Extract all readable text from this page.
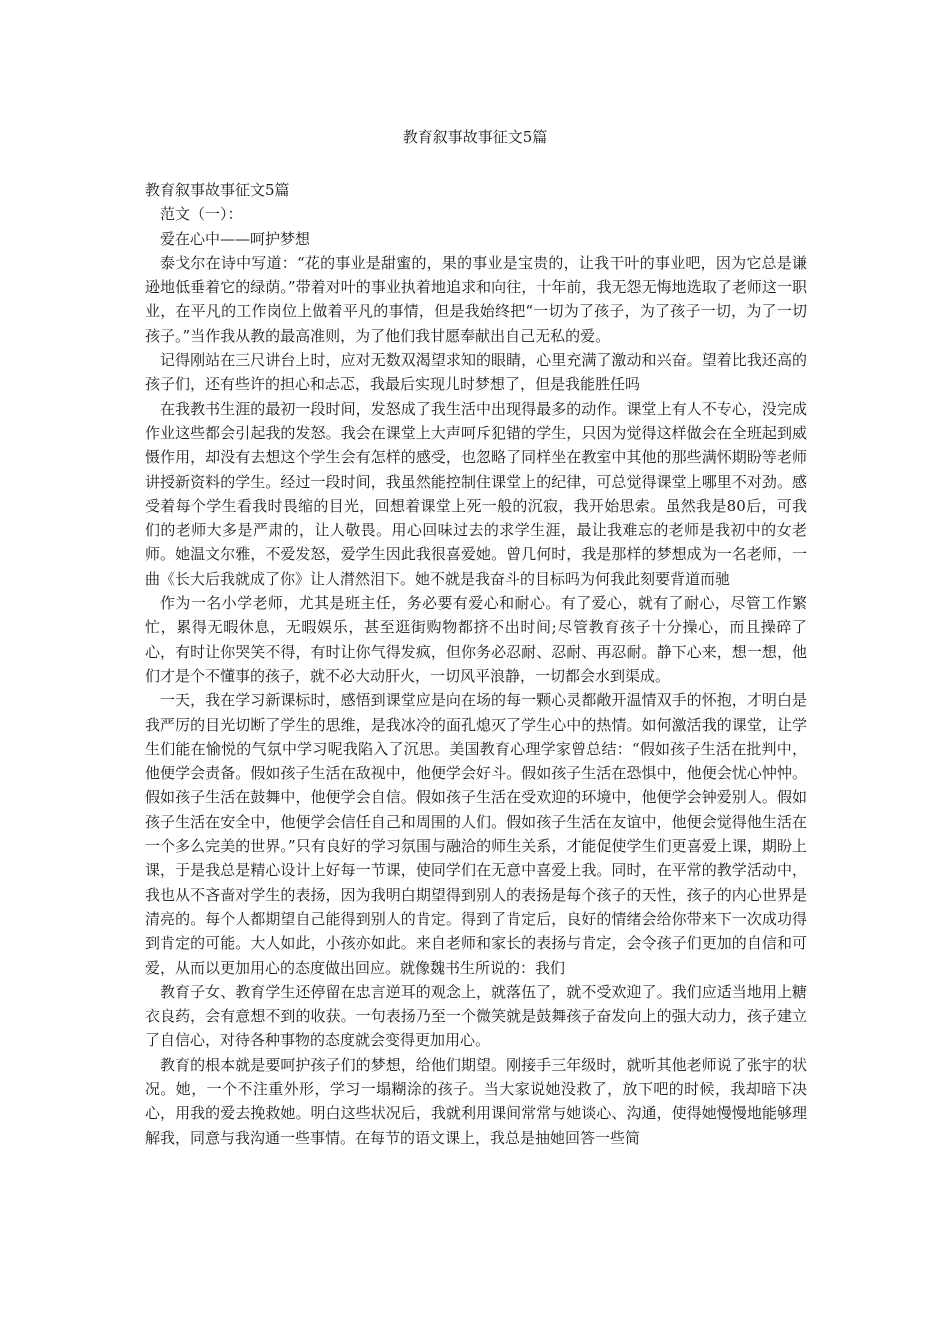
教育叙事故事征文5篇

教育叙事故事征文5篇

范文（一）：

爱在心中——呵护梦想

泰戈尔在诗中写道：“花的事业是甜蜜的，果的事业是宝贵的，让我干叶的事业吧，因为它总是谦逊地低垂着它的绿荫。”带着对叶的事业执着地追求和向往，十年前，我无怨无悔地选取了老师这一职业，在平凡的工作岗位上做着平凡的事情，但是我始终把“一切为了孩子，为了孩子一切，为了一切孩子。”当作我从教的最高准则，为了他们我甘愿奉献出自己无私的爱。

记得刚站在三尺讲台上时，应对无数双渴望求知的眼睛，心里充满了激动和兴奋。望着比我还高的孩子们，还有些许的担心和忐忑，我最后实现儿时梦想了，但是我能胜任吗

在我教书生涯的最初一段时间，发怒成了我生活中出现得最多的动作。课堂上有人不专心，没完成作业这些都会引起我的发怒。我会在课堂上大声呵斥犯错的学生，只因为觉得这样做会在全班起到威慑作用，却没有去想这个学生会有怎样的感受，也忽略了同样坐在教室中其他的那些满怀期盼等老师讲授新资料的学生。经过一段时间，我虽然能控制住课堂上的纪律，可总觉得课堂上哪里不对劲。感受着每个学生看我时畏缩的目光，回想着课堂上死一般的沉寂，我开始思索。虽然我是80后，可我们的老师大多是严肃的，让人敬畏。用心回味过去的求学生涯，最让我难忘的老师是我初中的女老师。她温文尔雅，不爱发怒，爱学生因此我很喜爱她。曾几何时，我是那样的梦想成为一名老师，一曲《长大后我就成了你》让人潸然泪下。她不就是我奋斗的目标吗为何我此刻要背道而驰

作为一名小学老师，尤其是班主任，务必要有爱心和耐心。有了爱心，就有了耐心，尽管工作繁忙，累得无暇休息，无暇娱乐，甚至逛街购物都挤不出时间;尽管教育孩子十分操心，而且操碎了心，有时让你哭笑不得，有时让你气得发疯，但你务必忍耐、忍耐、再忍耐。静下心来，想一想，他们才是个不懂事的孩子，就不必大动肝火，一切风平浪静，一切都会水到渠成。

一天，我在学习新课标时，感悟到课堂应是向在场的每一颗心灵都敞开温情双手的怀抱，才明白是我严厉的目光切断了学生的思维，是我冰冷的面孔熄灭了学生心中的热情。如何激活我的课堂，让学生们能在愉悦的气氛中学习呢我陷入了沉思。美国教育心理学家曾总结：“假如孩子生活在批判中，他便学会责备。假如孩子生活在敌视中，他便学会好斗。假如孩子生活在恐惧中，他便会忧心忡忡。假如孩子生活在鼓舞中，他便学会自信。假如孩子生活在受欢迎的环境中，他便学会钟爱别人。假如孩子生活在安全中，他便学会信任自己和周围的人们。假如孩子生活在友谊中，他便会觉得他生活在一个多么完美的世界。”只有良好的学习氛围与融洽的师生关系，才能促使学生们更喜爱上课，期盼上课，于是我总是精心设计上好每一节课，使同学们在无意中喜爱上我。同时，在平常的教学活动中，我也从不吝啬对学生的表扬，因为我明白期望得到别人的表扬是每个孩子的天性，孩子的内心世界是清亮的。每个人都期望自己能得到别人的肯定。得到了肯定后，良好的情绪会给你带来下一次成功得到肯定的可能。大人如此，小孩亦如此。来自老师和家长的表扬与肯定，会令孩子们更加的自信和可爱，从而以更加用心的态度做出回应。就像魏书生所说的：我们

教育子女、教育学生还停留在忠言逆耳的观念上，就落伍了，就不受欢迎了。我们应适当地用上糖衣良药，会有意想不到的收获。一句表扬乃至一个微笑就是鼓舞孩子奋发向上的强大动力，孩子建立了自信心，对待各种事物的态度就会变得更加用心。

教育的根本就是要呵护孩子们的梦想，给他们期望。刚接手三年级时，就听其他老师说了张宇的状况。她，一个不注重外形，学习一塌糊涂的孩子。当大家说她没救了，放下吧的时候，我却暗下决心，用我的爱去挽救她。明白这些状况后，我就利用课间常常与她谈心、沟通，使得她慢慢地能够理解我，同意与我沟通一些事情。在每节的语文课上，我总是抽她回答一些简
